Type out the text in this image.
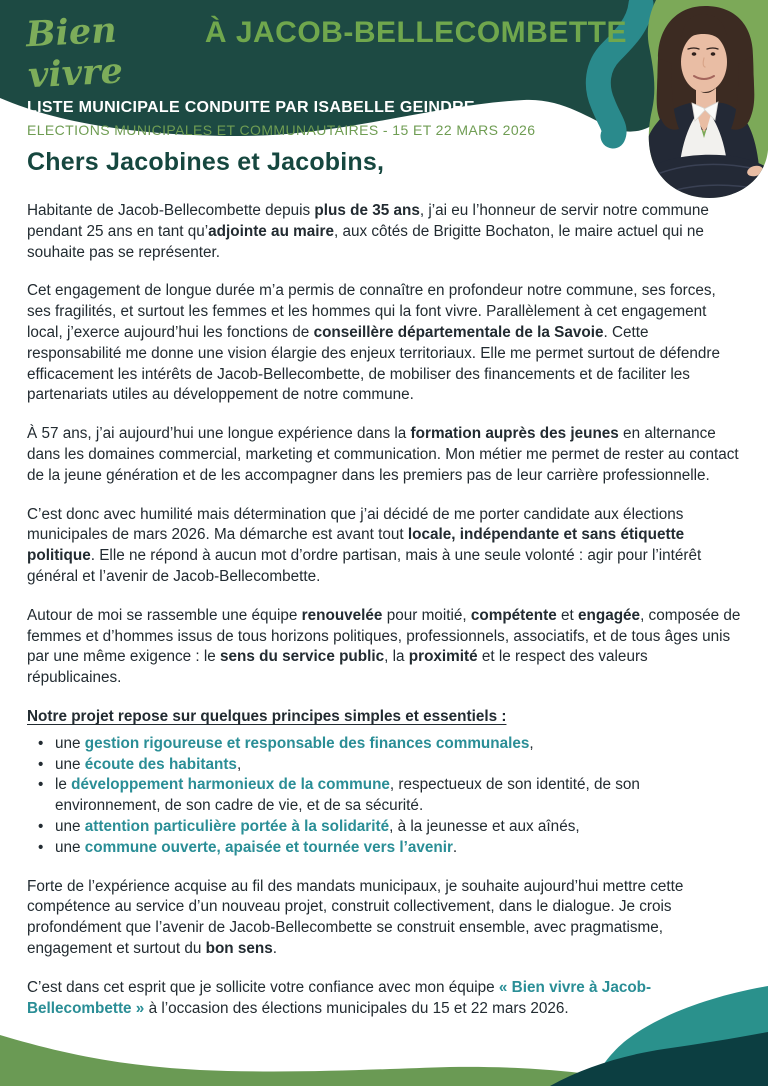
Bien vivre
À JACOB-BELLECOMBETTE
LISTE MUNICIPALE CONDUITE PAR ISABELLE GEINDRE
ELECTIONS MUNICIPALES ET COMMUNAUTAIRES - 15 ET 22 MARS 2026
Chers Jacobines et Jacobins,

Habitante de Jacob-Bellecombette depuis plus de 35 ans, j’ai eu l’honneur de servir notre commune pendant 25 ans en tant qu’adjointe au maire, aux côtés de Brigitte Bochaton, le maire actuel qui ne souhaite pas se représenter.

Cet engagement de longue durée m’a permis de connaître en profondeur notre commune, ses forces, ses fragilités, et surtout les femmes et les hommes qui la font vivre. Parallèlement à cet engagement local, j’exerce aujourd’hui les fonctions de conseillère départementale de la Savoie. Cette responsabilité me donne une vision élargie des enjeux territoriaux. Elle me permet surtout de défendre efficacement les intérêts de Jacob-Bellecombette, de mobiliser des financements et de faciliter les partenariats utiles au développement de notre commune.

À 57 ans, j’ai aujourd’hui une longue expérience dans la formation auprès des jeunes en alternance dans les domaines commercial, marketing et communication. Mon métier me permet de rester au contact de la jeune génération et de les accompagner dans les premiers pas de leur carrière professionnelle.

C’est donc avec humilité mais détermination que j’ai décidé de me porter candidate aux élections municipales de mars 2026. Ma démarche est avant tout locale, indépendante et sans étiquette politique. Elle ne répond à aucun mot d’ordre partisan, mais à une seule volonté : agir pour l’intérêt général et l’avenir de Jacob-Bellecombette.

Autour de moi se rassemble une équipe renouvelée pour moitié, compétente et engagée, composée de femmes et d’hommes issus de tous horizons politiques, professionnels, associatifs, et de tous âges unis par une même exigence : le sens du service public, la proximité et le respect des valeurs républicaines.

Notre projet repose sur quelques principes simples et essentiels :
• une gestion rigoureuse et responsable des finances communales,
• une écoute des habitants,
• le développement harmonieux de la commune, respectueux de son identité, de son environnement, de son cadre de vie, et de sa sécurité.
• une attention particulière portée à la solidarité, à la jeunesse et aux aînés,
• une commune ouverte, apaisée et tournée vers l’avenir.

Forte de l’expérience acquise au fil des mandats municipaux, je souhaite aujourd’hui mettre cette compétence au service d’un nouveau projet, construit collectivement, dans le dialogue. Je crois profondément que l’avenir de Jacob-Bellecombette se construit ensemble, avec pragmatisme, engagement et surtout du bon sens.

C’est dans cet esprit que je sollicite votre confiance avec mon équipe « Bien vivre à Jacob-Bellecombette » à l’occasion des élections municipales du 15 et 22 mars 2026.
